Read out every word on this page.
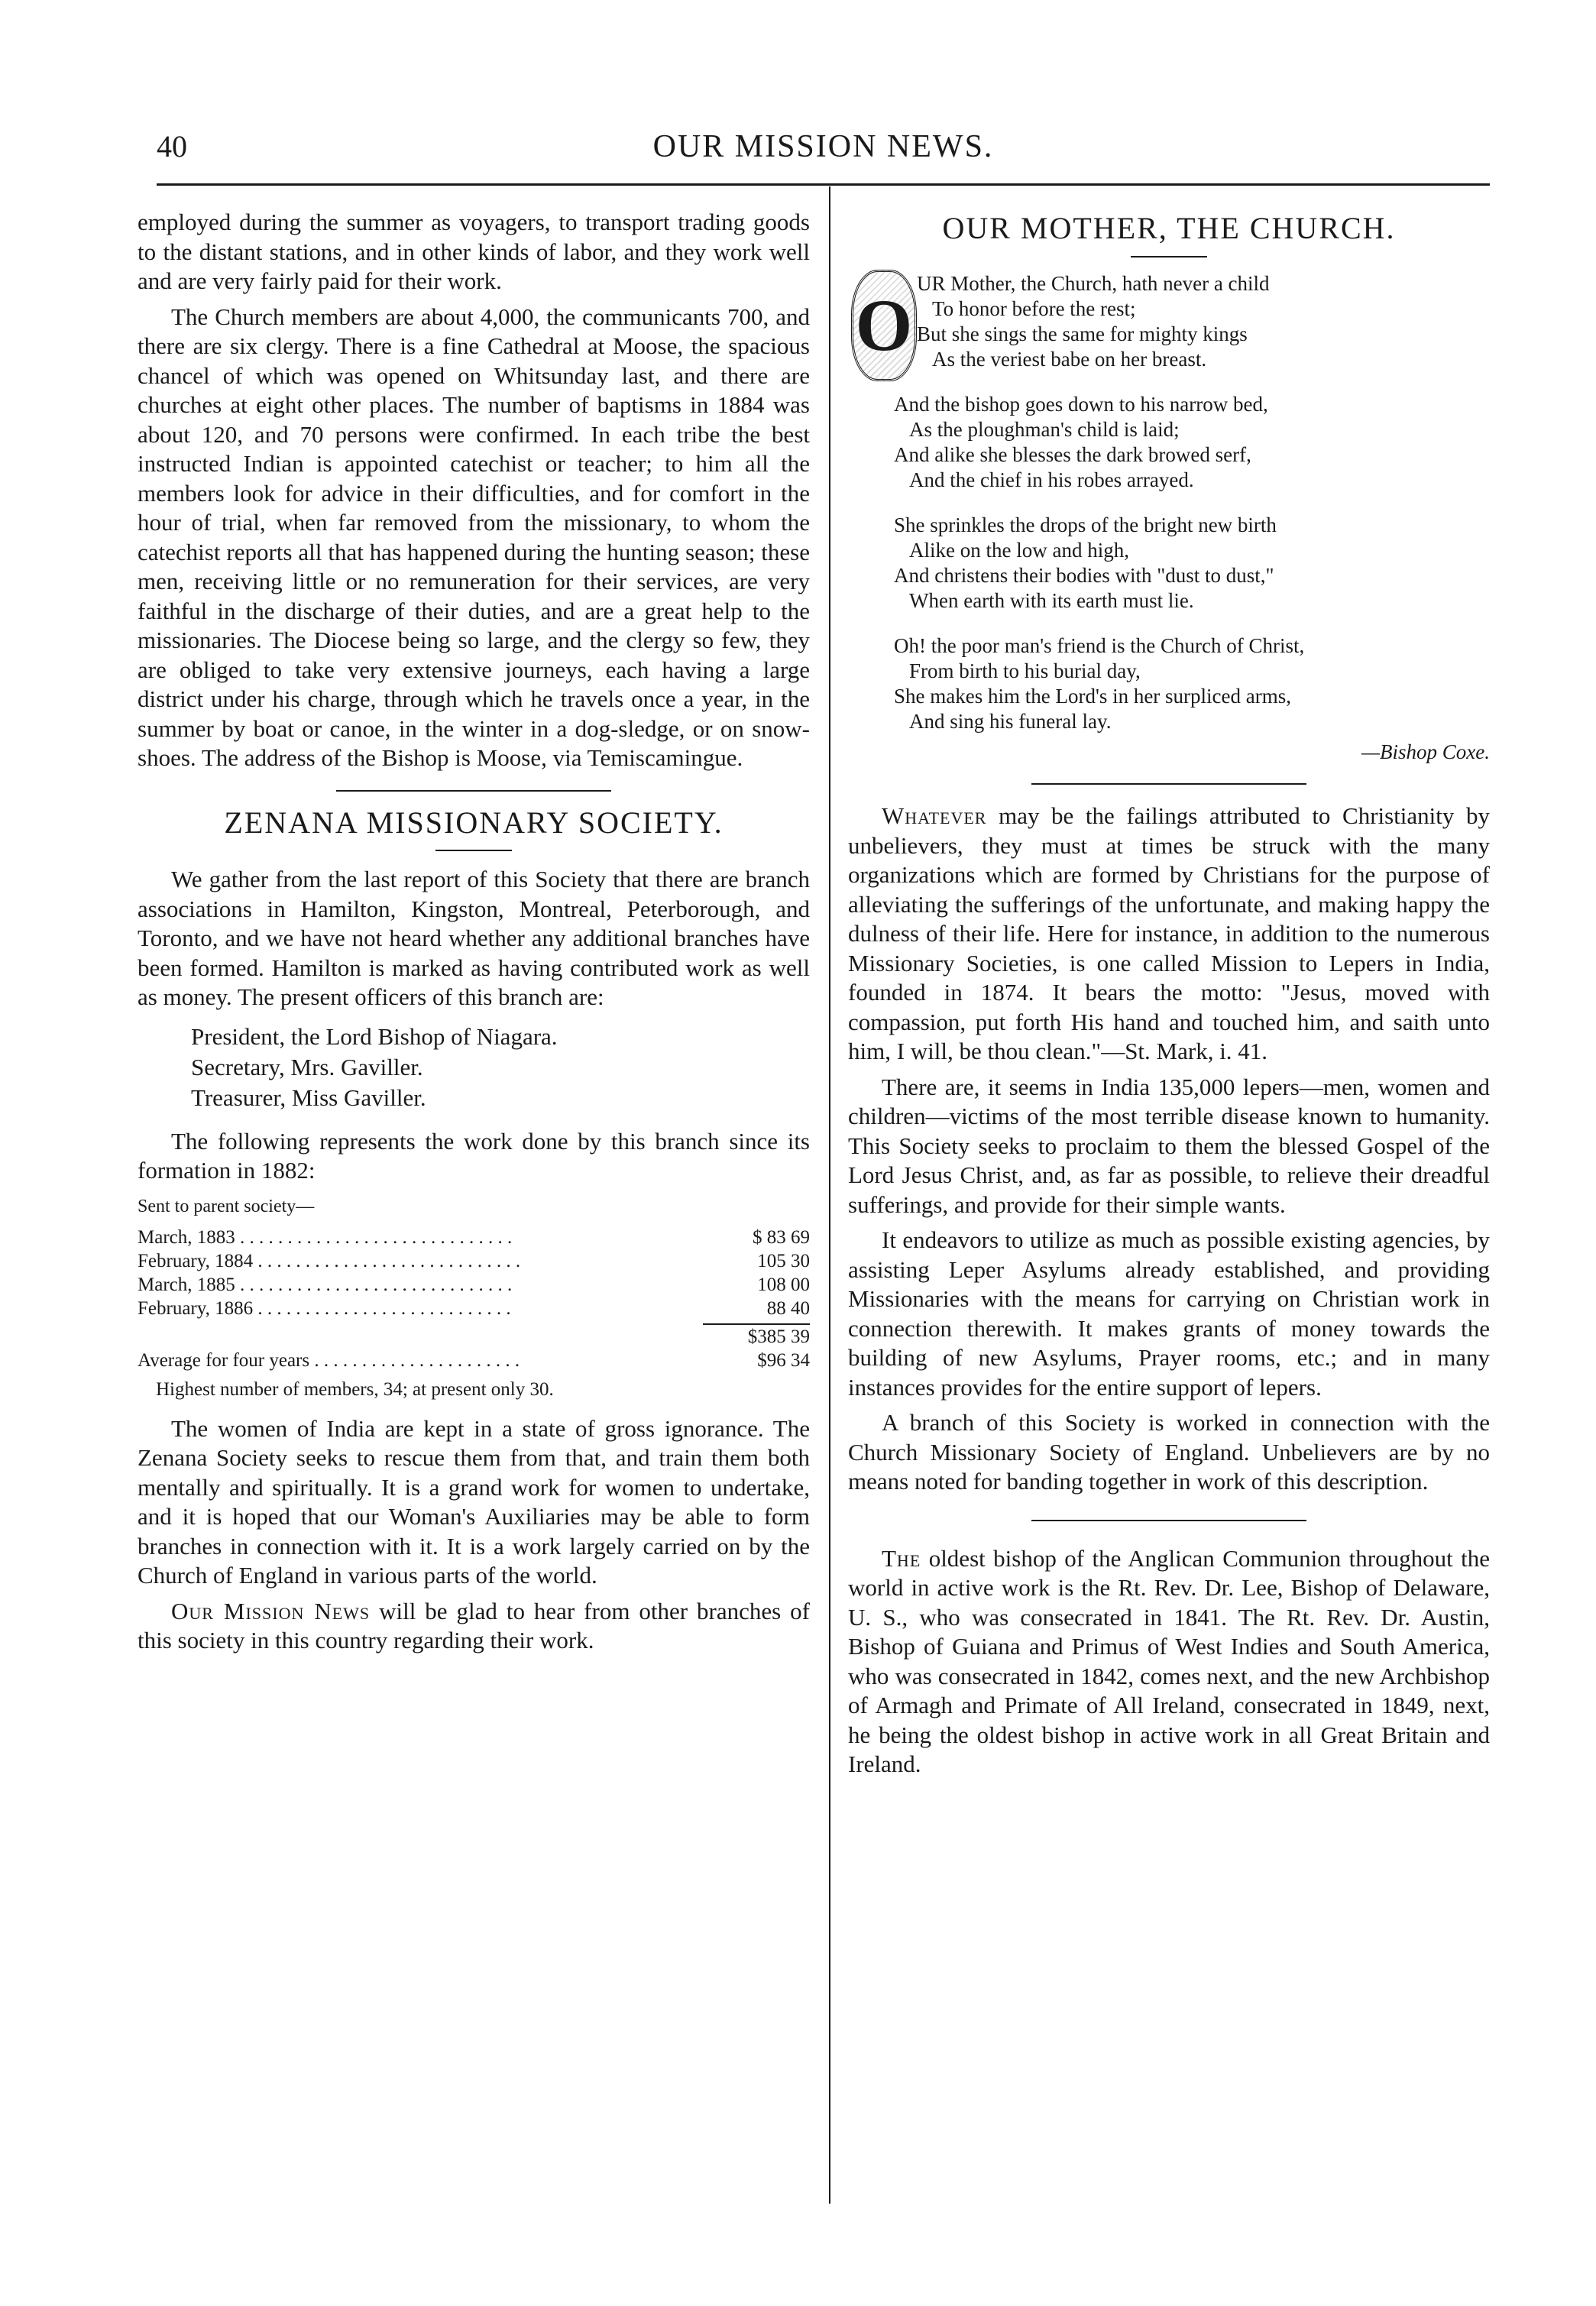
40	OUR MISSION NEWS.

employed during the summer as voyagers, to transport trading goods to the distant stations, and in other kinds of labor, and they work well and are very fairly paid for their work.

The Church members are about 4,000, the communicants 700, and there are six clergy. There is a fine Cathedral at Moose, the spacious chancel of which was opened on Whitsunday last, and there are churches at eight other places. The number of baptisms in 1884 was about 120, and 70 persons were confirmed. In each tribe the best instructed Indian is appointed catechist or teacher; to him all the members look for advice in their difficulties, and for comfort in the hour of trial, when far removed from the missionary, to whom the catechist reports all that has happened during the hunting season; these men, receiving little or no remuneration for their services, are very faithful in the discharge of their duties, and are a great help to the missionaries. The Diocese being so large, and the clergy so few, they are obliged to take very extensive journeys, each having a large district under his charge, through which he travels once a year, in the summer by boat or canoe, in the winter in a dog-sledge, or on snow-shoes. The address of the Bishop is Moose, via Temiscamingue.

ZENANA MISSIONARY SOCIETY.

We gather from the last report of this Society that there are branch associations in Hamilton, Kingston, Montreal, Peterborough, and Toronto, and we have not heard whether any additional branches have been formed. Hamilton is marked as having contributed work as well as money. The present officers of this branch are:

President, the Lord Bishop of Niagara.
Secretary, Mrs. Gaviller.
Treasurer, Miss Gaviller.

The following represents the work done by this branch since its formation in 1882:

Sent to parent society—
March, 1883 . . . . . . . . . . . . . . . . . . . . . . . . . . . . .	$ 83 69
February, 1884 . . . . . . . . . . . . . . . . . . . . . . . . . . . .	105 30
March, 1885 . . . . . . . . . . . . . . . . . . . . . . . . . . . . .	108 00
February, 1886 . . . . . . . . . . . . . . . . . . . . . . . . . . .	88 40

$385 39
Average for four years . . . . . . . . . . . . . . . . . . . . . .	$96 34
Highest number of members, 34; at present only 30.

The women of India are kept in a state of gross ignorance. The Zenana Society seeks to rescue them from that, and train them both mentally and spiritually. It is a grand work for women to undertake, and it is hoped that our Woman's Auxiliaries may be able to form branches in connection with it. It is a work largely carried on by the Church of England in various parts of the world.

Our Mission News will be glad to hear from other branches of this society in this country regarding their work.

OUR MOTHER, THE CHURCH.
O
UR Mother, the Church, hath never a child
To honor before the rest;
But she sings the same for mighty kings
As the veriest babe on her breast.
And the bishop goes down to his narrow bed,
As the ploughman's child is laid;
And alike she blesses the dark browed serf,
And the chief in his robes arrayed.
She sprinkles the drops of the bright new birth
Alike on the low and high,
And christens their bodies with "dust to dust,"
When earth with its earth must lie.
Oh! the poor man's friend is the Church of Christ,
From birth to his burial day,
She makes him the Lord's in her surpliced arms,
And sing his funeral lay.
—Bishop Coxe.

Whatever may be the failings attributed to Christianity by unbelievers, they must at times be struck with the many organizations which are formed by Christians for the purpose of alleviating the sufferings of the unfortunate, and making happy the dulness of their life. Here for instance, in addition to the numerous Missionary Societies, is one called Mission to Lepers in India, founded in 1874. It bears the motto: "Jesus, moved with compassion, put forth His hand and touched him, and saith unto him, I will, be thou clean."—St. Mark, i. 41.

There are, it seems in India 135,000 lepers—men, women and children—victims of the most terrible disease known to humanity. This Society seeks to proclaim to them the blessed Gospel of the Lord Jesus Christ, and, as far as possible, to relieve their dreadful sufferings, and provide for their simple wants.

It endeavors to utilize as much as possible existing agencies, by assisting Leper Asylums already established, and providing Missionaries with the means for carrying on Christian work in connection therewith. It makes grants of money towards the building of new Asylums, Prayer rooms, etc.; and in many instances provides for the entire support of lepers.

A branch of this Society is worked in connection with the Church Missionary Society of England. Unbelievers are by no means noted for banding together in work of this description.

The oldest bishop of the Anglican Communion throughout the world in active work is the Rt. Rev. Dr. Lee, Bishop of Delaware, U. S., who was consecrated in 1841. The Rt. Rev. Dr. Austin, Bishop of Guiana and Primus of West Indies and South America, who was consecrated in 1842, comes next, and the new Archbishop of Armagh and Primate of All Ireland, consecrated in 1849, next, he being the oldest bishop in active work in all Great Britain and Ireland.
